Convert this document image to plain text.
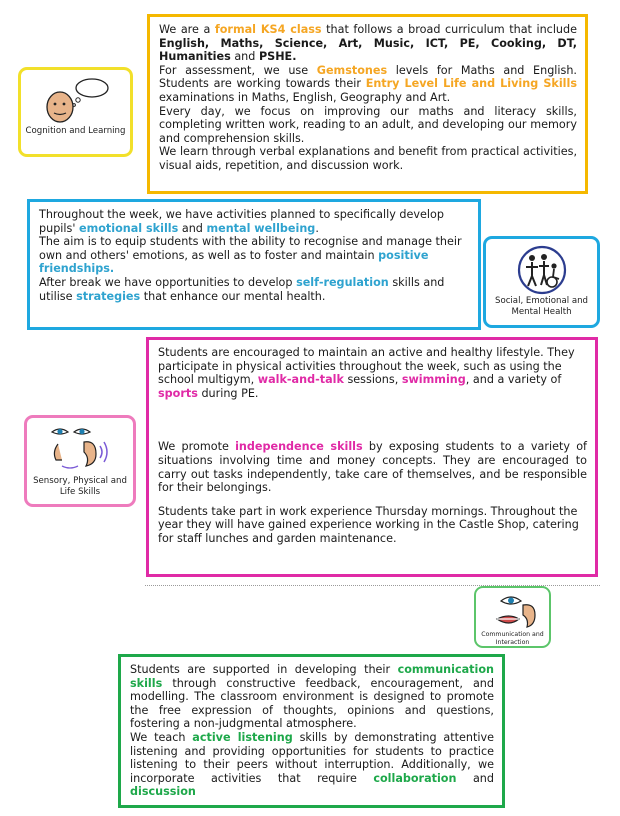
Cognition and Learning

We are a formal KS4 class that follows a broad curriculum that include English, Maths, Science, Art, Music, ICT, PE, Cooking, DT, Humanities and PSHE.

For assessment, we use Gemstones levels for Maths and English. Students are working towards their Entry Level Life and Living Skills examinations in Maths, English, Geography and Art.

Every day, we focus on improving our maths and literacy skills, completing written work, reading to an adult, and developing our memory and comprehension skills.

We learn through verbal explanations and benefit from practical activities, visual aids, repetition, and discussion work.

Throughout the week, we have activities planned to specifically develop pupils' emotional skills and mental wellbeing.

The aim is to equip students with the ability to recognise and manage their own and others' emotions, as well as to foster and maintain positive friendships.

After break we have opportunities to develop self-regulation skills and utilise strategies that enhance our mental health.	Social, Emotional and Mental Health
Sensory, Physical and Life Skills

Students are encouraged to maintain an active and healthy lifestyle. They participate in physical activities throughout the week, such as using the school multigym, walk-and-talk sessions, swimming, and a variety of sports during PE.

We promote independence skills by exposing students to a variety of situations involving time and money concepts. They are encouraged to carry out tasks independently, take care of themselves, and be responsible for their belongings.

Students take part in work experience Thursday mornings. Throughout the year they will have gained experience working in the Castle Shop, catering for staff lunches and garden maintenance.

Communication and Interaction

Students are supported in developing their communication skills through constructive feedback, encouragement, and modelling. The classroom environment is designed to promote the free expression of thoughts, opinions and questions, fostering a non-judgmental atmosphere.

We teach active listening skills by demonstrating attentive listening and providing opportunities for students to practice listening to their peers without interruption. Additionally, we incorporate activities that require collaboration and discussion
